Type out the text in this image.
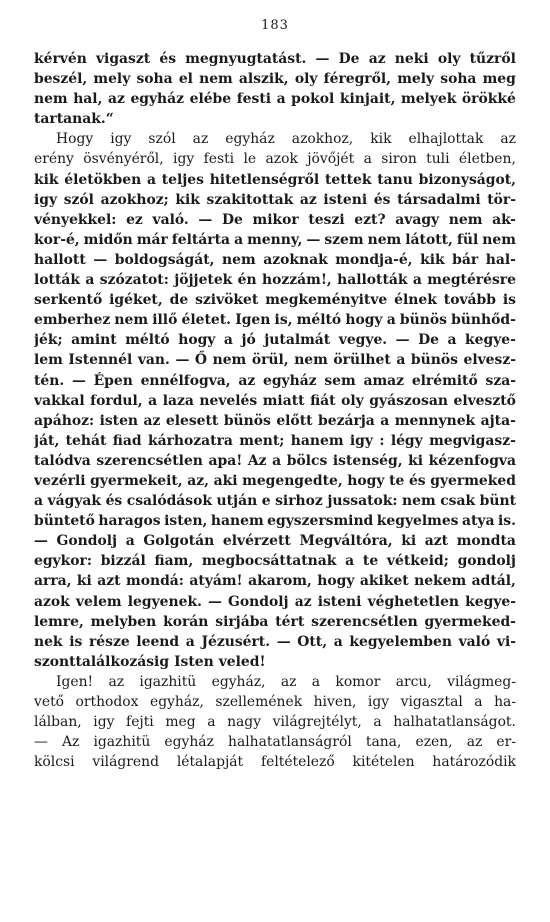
183
kérvén vigaszt és megnyugtatást. — De az neki oly tűzről
beszél, mely soha el nem alszik, oly féregről, mely soha meg
nem hal, az egyház elébe festi a pokol kinjait, melyek örökké
tartanak.“
Hogy igy szól az egyház azokhoz, kik elhajlottak az
erény ösvényéről, igy festi le azok jövőjét a siron tuli életben,
kik életökben a teljes hitetlenségről tettek tanu bizonyságot,
igy szól azokhoz; kik szakitottak az isteni és társadalmi tör-
vényekkel: ez való. — De mikor teszi ezt? avagy nem ak-
kor-é, midőn már feltárta a menny, — szem nem látott, fül nem
hallott — boldogságát, nem azoknak mondja-é, kik bár hal-
lották a szózatot: jöjjetek én hozzám!, hallották a megtérésre
serkentő igéket, de szivöket megkeményitve élnek tovább is
emberhez nem illő életet. Igen is, méltó hogy a bünös bünhőd-
jék; amint méltó hogy a jó jutalmát vegye. — De a kegye-
lem Istennél van. — Ő nem örül, nem örülhet a bünös elvesz-
tén. — Épen ennélfogva, az egyház sem amaz elrémitő sza-
vakkal fordul, a laza nevelés miatt fiát oly gyászosan elvesztő
apához: isten az elesett bünös előtt bezárja a mennynek ajta-
ját, tehát fiad kárhozatra ment; hanem igy : légy megvigasz-
talódva szerencsétlen apa! Az a bölcs istenség, ki kézenfogva
vezérli gyermekeit, az, aki megengedte, hogy te és gyermeked
a vágyak és csalódások utján e sirhoz jussatok: nem csak bünt
büntető haragos isten, hanem egyszersmind kegyelmes atya is.
— Gondolj a Golgotán elvérzett Megváltóra, ki azt mondta
egykor: bizzál fiam, megbocsáttatnak a te vétkeid; gondolj
arra, ki azt mondá: atyám! akarom, hogy akiket nekem adtál,
azok velem legyenek. — Gondolj az isteni véghetetlen kegye-
lemre, melyben korán sirjába tért szerencsétlen gyermeked-
nek is része leend a Jézusért. — Ott, a kegyelemben való vi-
szonttalálkozásig Isten veled!
Igen! az igazhitü egyház, az a komor arcu, világmeg-
vető orthodox egyház, szellemének hiven, igy vigasztal a ha-
lálban, igy fejti meg a nagy világrejtélyt, a halhatatlanságot.
— Az igazhitü egyház halhatatlanságról tana, ezen, az er-
kölcsi világrend létalapját feltételező kitételen határozódik
